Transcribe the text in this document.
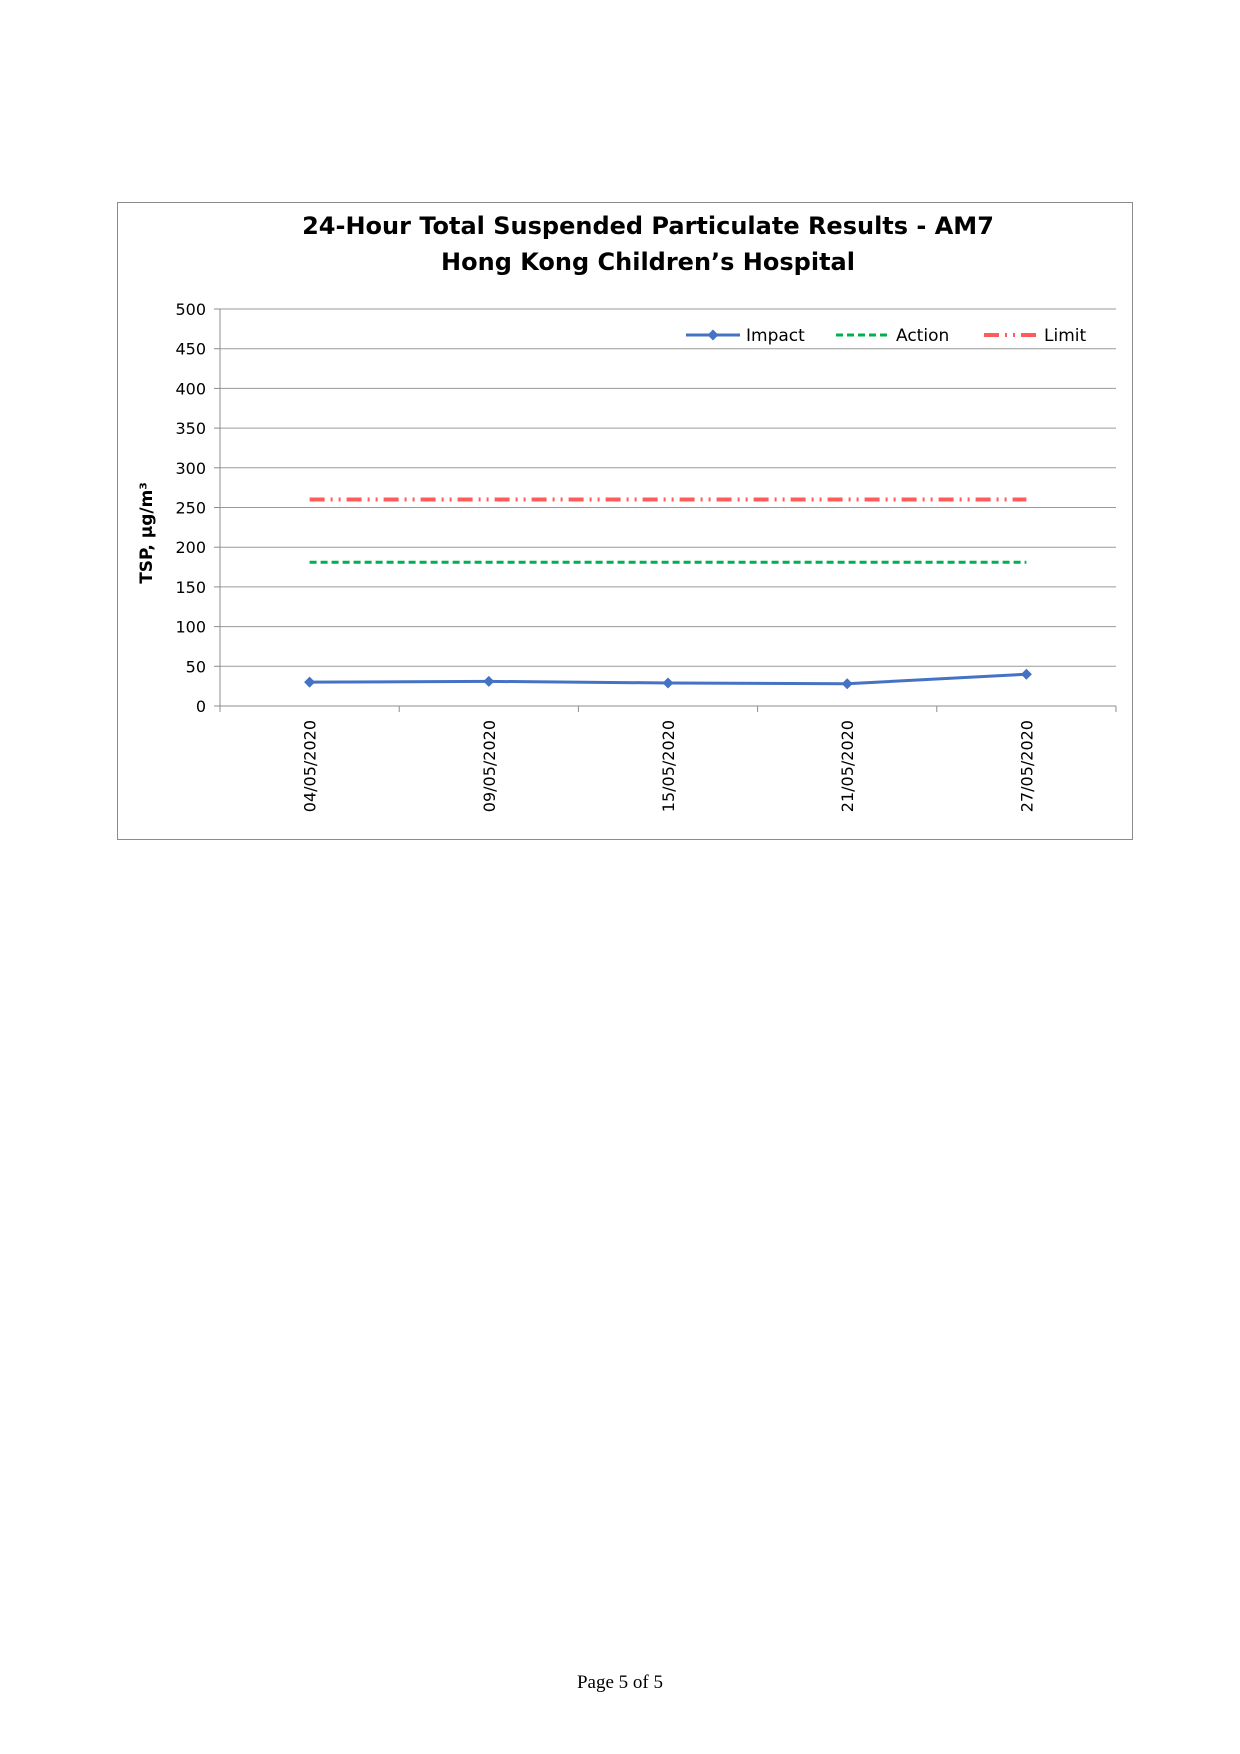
24-Hour Total Suspended Particulate Results - AM7
Hong Kong Children’s Hospital
TSP, μg/m³
0
50
100
150
200
250
300
350
400
450
500
04/05/2020	09/05/2020	15/05/2020	21/05/2020	27/05/2020
Impact	Action	Limit
Page 5 of 5
